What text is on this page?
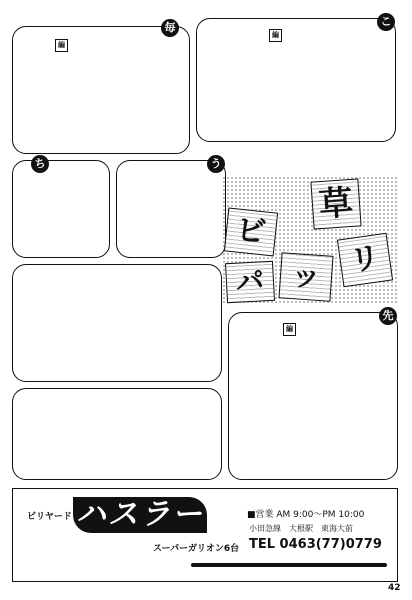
こ
編
毎
編
ち	う
草
ビ
リ
ッ
パ
先
編
ビリヤード ハスラー
スーパーガリオン6台
■営業 AM 9:00〜PM 10:00
小田急線　大根駅　東海大前
TEL 0463(77)0779
42
